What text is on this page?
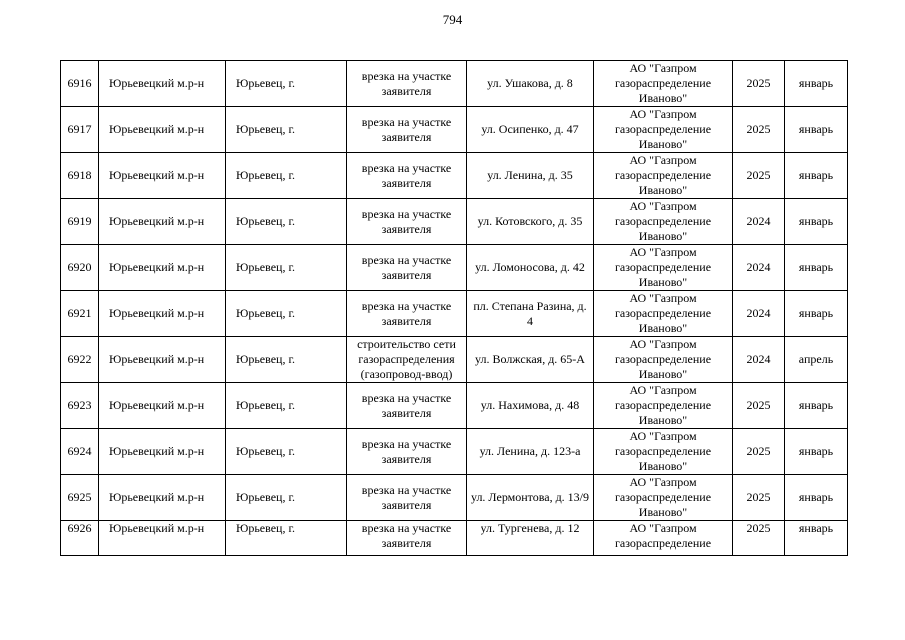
794
6916	Юрьевецкий м.р-н	Юрьевец, г.	врезка на участке заявителя	ул. Ушакова, д. 8	АО "Газпром газораспределение Иваново"	2025	январь
6917	Юрьевецкий м.р-н	Юрьевец, г.	врезка на участке заявителя	ул. Осипенко, д. 47	АО "Газпром газораспределение Иваново"	2025	январь
6918	Юрьевецкий м.р-н	Юрьевец, г.	врезка на участке заявителя	ул. Ленина, д. 35	АО "Газпром газораспределение Иваново"	2025	январь
6919	Юрьевецкий м.р-н	Юрьевец, г.	врезка на участке заявителя	ул. Котовского, д. 35	АО "Газпром газораспределение Иваново"	2024	январь
6920	Юрьевецкий м.р-н	Юрьевец, г.	врезка на участке заявителя	ул. Ломоносова, д. 42	АО "Газпром газораспределение Иваново"	2024	январь
6921	Юрьевецкий м.р-н	Юрьевец, г.	врезка на участке заявителя	пл. Степана Разина, д. 4	АО "Газпром газораспределение Иваново"	2024	январь
6922	Юрьевецкий м.р-н	Юрьевец, г.	строительство сети газораспределения (газопровод-ввод)	ул. Волжская, д. 65-А	АО "Газпром газораспределение Иваново"	2024	апрель
6923	Юрьевецкий м.р-н	Юрьевец, г.	врезка на участке заявителя	ул. Нахимова, д. 48	АО "Газпром газораспределение Иваново"	2025	январь
6924	Юрьевецкий м.р-н	Юрьевец, г.	врезка на участке заявителя	ул. Ленина, д. 123-а	АО "Газпром газораспределение Иваново"	2025	январь
6925	Юрьевецкий м.р-н	Юрьевец, г.	врезка на участке заявителя	ул. Лермонтова, д. 13/9	АО "Газпром газораспределение Иваново"	2025	январь

6926	Юрьевецкий м.р-н	Юрьевец, г.	врезка на участке заявителя	ул. Тургенева, д. 12	АО "Газпром газораспределение	2025	январь
